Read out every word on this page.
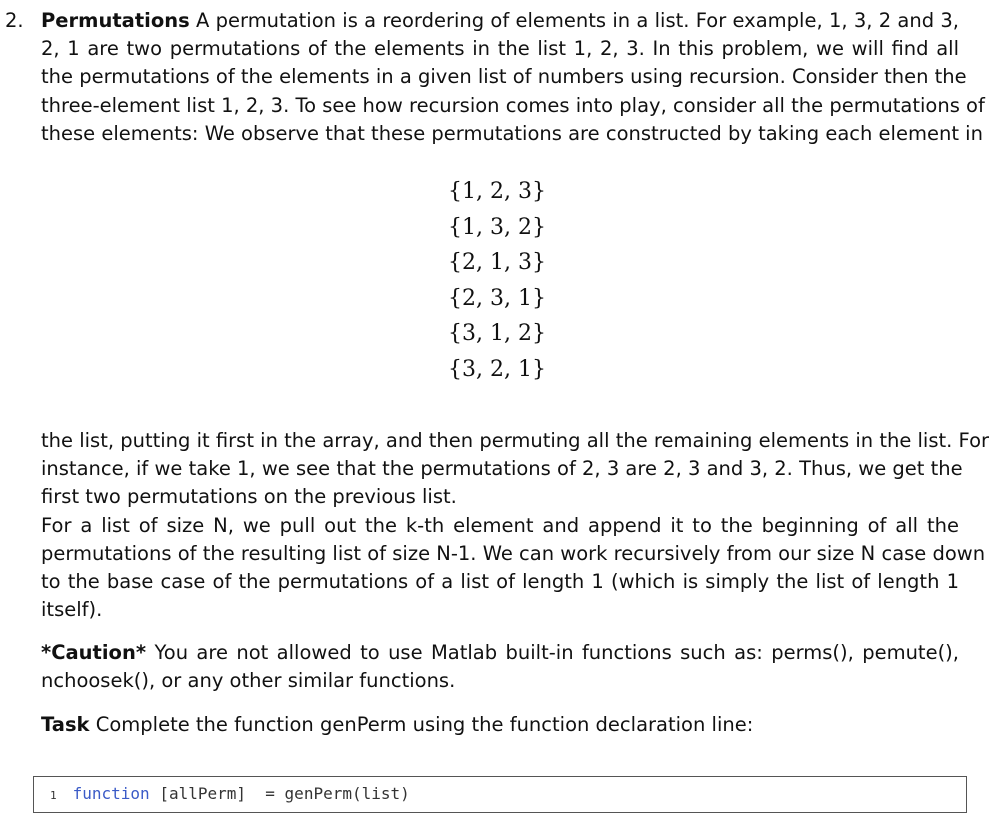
2. Permutations A permutation is a reordering of elements in a list. For example, 1, 3, 2 and 3,
2, 1 are two permutations of the elements in the list 1, 2, 3. In this problem, we will find all
the permutations of the elements in a given list of numbers using recursion. Consider then the
three-element list 1, 2, 3. To see how recursion comes into play, consider all the permutations of
these elements: We observe that these permutations are constructed by taking each element in
{1, 2, 3}
{1, 3, 2}
{2, 1, 3}
{2, 3, 1}
{3, 1, 2}
{3, 2, 1}
the list, putting it first in the array, and then permuting all the remaining elements in the list. For
instance, if we take 1, we see that the permutations of 2, 3 are 2, 3 and 3, 2. Thus, we get the
first two permutations on the previous list.
For a list of size N, we pull out the k-th element and append it to the beginning of all the
permutations of the resulting list of size N-1. We can work recursively from our size N case down
to the base case of the permutations of a list of length 1 (which is simply the list of length 1
itself).
*Caution* You are not allowed to use Matlab built-in functions such as: perms(), pemute(),
nchoosek(), or any other similar functions.
Task Complete the function genPerm using the function declaration line:
1 function [allPerm]  = genPerm(list)
